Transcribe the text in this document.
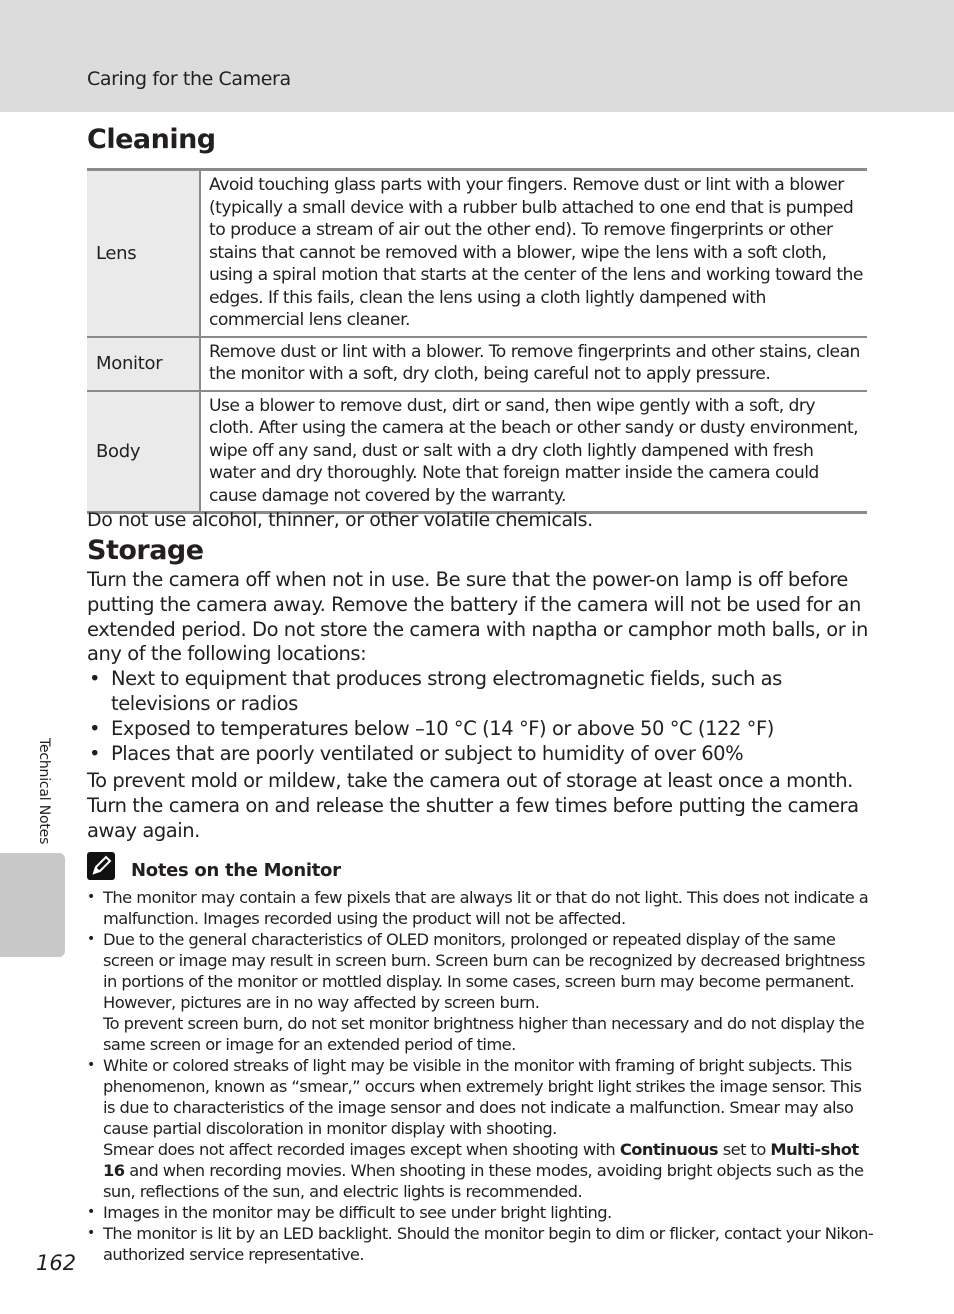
Caring for the Camera
Cleaning
Lens	Avoid touching glass parts with your fingers. Remove dust or lint with a blower (typically a small device with a rubber bulb attached to one end that is pumped to produce a stream of air out the other end). To remove fingerprints or other stains that cannot be removed with a blower, wipe the lens with a soft cloth, using a spiral motion that starts at the center of the lens and working toward the edges. If this fails, clean the lens using a cloth lightly dampened with commercial lens cleaner.
Monitor	Remove dust or lint with a blower. To remove fingerprints and other stains, clean the monitor with a soft, dry cloth, being careful not to apply pressure.
Body	Use a blower to remove dust, dirt or sand, then wipe gently with a soft, dry cloth. After using the camera at the beach or other sandy or dusty environment, wipe off any sand, dust or salt with a dry cloth lightly dampened with fresh water and dry thoroughly. Note that foreign matter inside the camera could cause damage not covered by the warranty.
Do not use alcohol, thinner, or other volatile chemicals.
Storage

Turn the camera off when not in use. Be sure that the power-on lamp is off before putting the camera away. Remove the battery if the camera will not be used for an extended period. Do not store the camera with naptha or camphor moth balls, or in any of the following locations:

• Next to equipment that produces strong electromagnetic fields, such as televisions or radios
• Exposed to temperatures below –10 °C (14 °F) or above 50 °C (122 °F)
• Places that are poorly ventilated or subject to humidity of over 60%

To prevent mold or mildew, take the camera out of storage at least once a month. Turn the camera on and release the shutter a few times before putting the camera away again.

Notes on the Monitor
• The monitor may contain a few pixels that are always lit or that do not light. This does not indicate a malfunction. Images recorded using the product will not be affected.

• Due to the general characteristics of OLED monitors, prolonged or repeated display of the same screen or image may result in screen burn. Screen burn can be recognized by decreased brightness in portions of the monitor or mottled display. In some cases, screen burn may become permanent. However, pictures are in no way affected by screen burn.

To prevent screen burn, do not set monitor brightness higher than necessary and do not display the same screen or image for an extended period of time.

• White or colored streaks of light may be visible in the monitor with framing of bright subjects. This phenomenon, known as “smear,” occurs when extremely bright light strikes the image sensor. This is due to characteristics of the image sensor and does not indicate a malfunction. Smear may also cause partial discoloration in monitor display with shooting.

Smear does not affect recorded images except when shooting with Continuous set to Multi-shot 16 and when recording movies. When shooting in these modes, avoiding bright objects such as the sun, reflections of the sun, and electric lights is recommended.

• Images in the monitor may be difficult to see under bright lighting.

• The monitor is lit by an LED backlight. Should the monitor begin to dim or flicker, contact your Nikon-authorized service representative.

Technical Notes
162
